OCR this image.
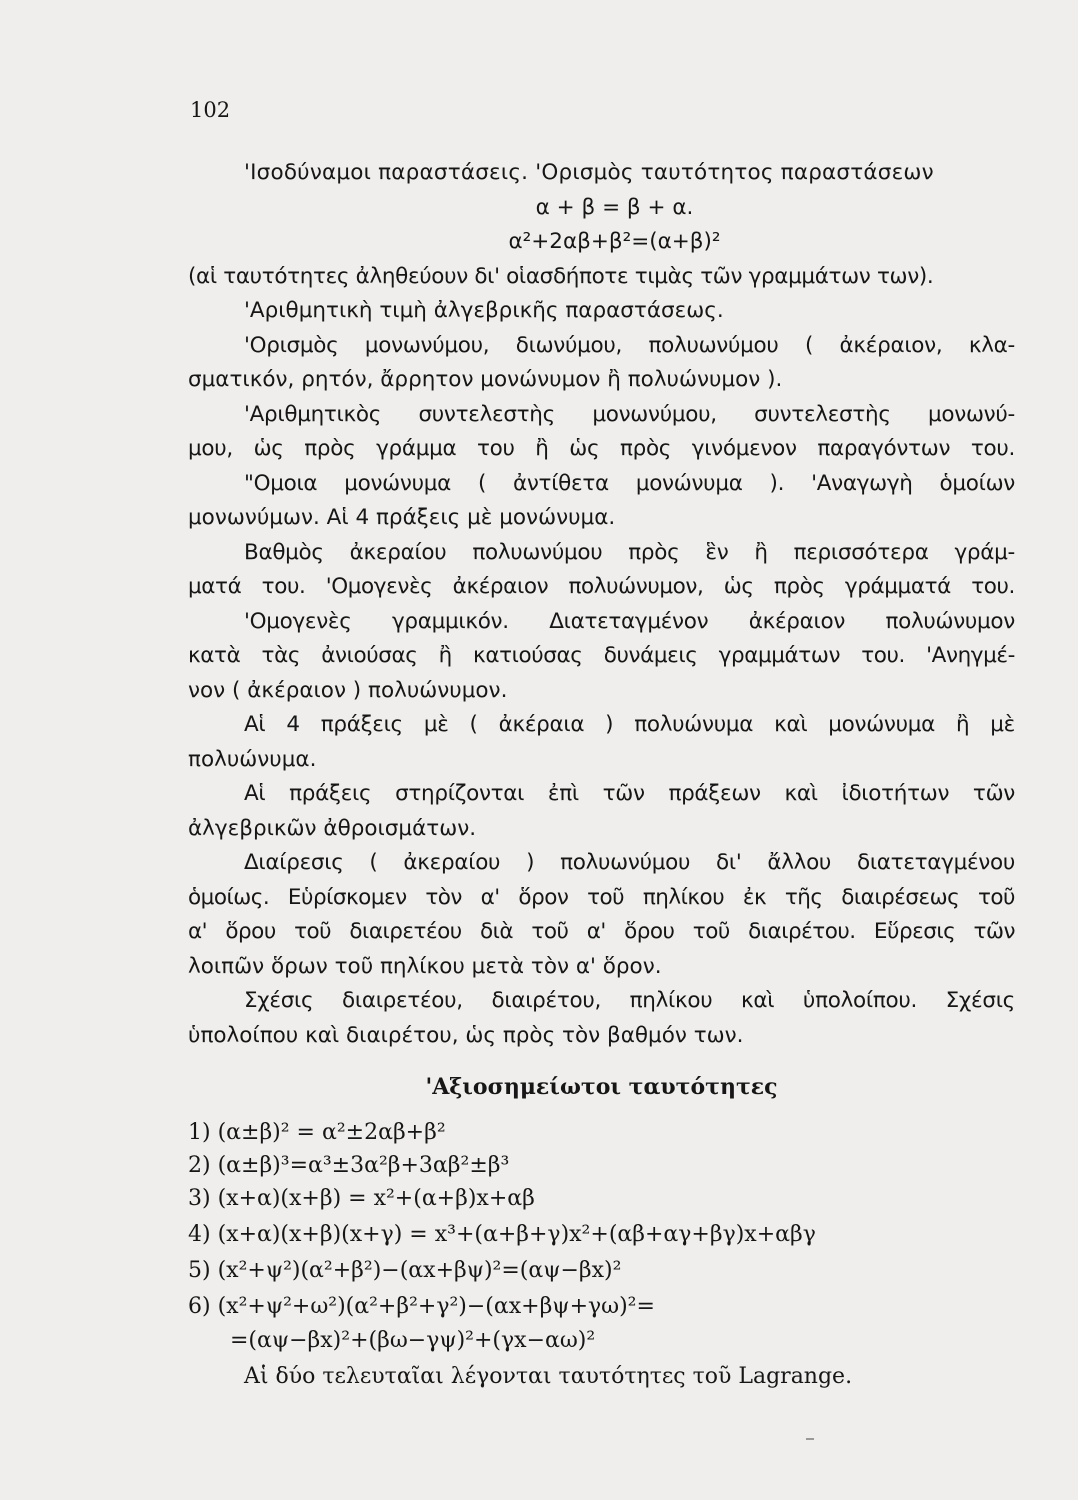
102
'Ισοδύναμοι παραστάσεις. 'Ορισμὸς ταυτότητος παραστάσεων
α + β = β + α.
α²+2αβ+β²=(α+β)²
(αἱ ταυτότητες ἀληθεύουν δι' οἱασδήποτε τιμὰς τῶν γραμμάτων των).
'Αριθμητικὴ τιμὴ ἀλγεβρικῆς παραστάσεως.
'Ορισμὸς μονωνύμου, διωνύμου, πολυωνύμου ( ἀκέραιον, κλα-
σματικόν, ρητόν, ἄρρητον μονώνυμον ἢ πολυώνυμον ).
'Αριθμητικὸς συντελεστὴς μονωνύμου, συντελεστὴς μονωνύ-
μου, ὡς πρὸς γράμμα του ἢ ὡς πρὸς γινόμενον παραγόντων του.
"Ομοια μονώνυμα ( ἀντίθετα μονώνυμα ). 'Αναγωγὴ ὁμοίων
μονωνύμων. Αἱ 4 πράξεις μὲ μονώνυμα.
Βαθμὸς ἀκεραίου πολυωνύμου πρὸς ἓν ἢ περισσότερα γράμ-
ματά του. 'Ομογενὲς ἀκέραιον πολυώνυμον, ὡς πρὸς γράμματά του.
'Ομογενὲς γραμμικόν. Διατεταγμένον ἀκέραιον πολυώνυμον
κατὰ τὰς ἀνιούσας ἢ κατιούσας δυνάμεις γραμμάτων του. 'Ανηγμέ-
νον ( ἀκέραιον ) πολυώνυμον.
Αἱ 4 πράξεις μὲ ( ἀκέραια ) πολυώνυμα καὶ μονώνυμα ἢ μὲ
πολυώνυμα.
Αἱ πράξεις στηρίζονται ἐπὶ τῶν πράξεων καὶ ἰδιοτήτων τῶν
ἀλγεβρικῶν ἀθροισμάτων.
Διαίρεσις ( ἀκεραίου ) πολυωνύμου δι' ἄλλου διατεταγμένου
ὁμοίως. Εὑρίσκομεν τὸν α' ὅρον τοῦ πηλίκου ἐκ τῆς διαιρέσεως τοῦ
α' ὅρου τοῦ διαιρετέου διὰ τοῦ α' ὅρου τοῦ διαιρέτου. Εὕρεσις τῶν
λοιπῶν ὅρων τοῦ πηλίκου μετὰ τὸν α' ὅρον.
Σχέσις διαιρετέου, διαιρέτου, πηλίκου καὶ ὑπολοίπου. Σχέσις
ὑπολοίπου καὶ διαιρέτου, ὡς πρὸς τὸν βαθμόν των.
'Αξιοσημείωτοι ταυτότητες
1) (α±β)² = α²±2αβ+β²
2) (α±β)³=α³±3α²β+3αβ²±β³
3) (x+α)(x+β) = x²+(α+β)x+αβ
4) (x+α)(x+β)(x+γ) = x³+(α+β+γ)x²+(αβ+αγ+βγ)x+αβγ
5) (x²+ψ²)(α²+β²)−(αx+βψ)²=(αψ−βx)²
6) (x²+ψ²+ω²)(α²+β²+γ²)−(αx+βψ+γω)²=
=(αψ−βx)²+(βω−γψ)²+(γx−αω)²
Αἱ δύο τελευταῖαι λέγονται ταυτότητες τοῦ Lagrange.
